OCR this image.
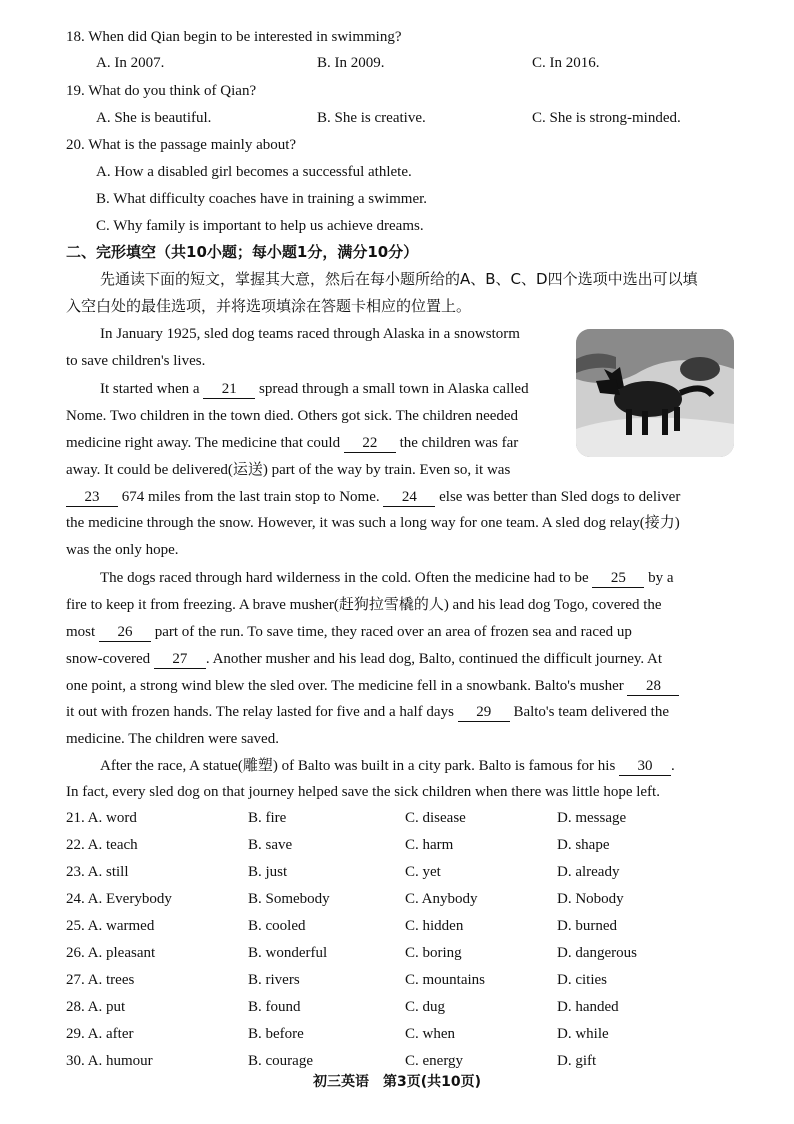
18. When did Qian begin to be interested in swimming?
A. In 2007.	B. In 2009.	C. In 2016.
19. What do you think of Qian?
A. She is beautiful.	B. She is creative.	C. She is strong-minded.
20. What is the passage mainly about?
A. How a disabled girl becomes a successful athlete.
B. What difficulty coaches have in training a swimmer.
C. Why family is important to help us achieve dreams.
二、完形填空（共10小题；每小题1分，满分10分）
先通读下面的短文，掌握其大意，然后在每小题所给的A、B、C、D四个选项中选出可以填
入空白处的最佳选项，并将选项填涂在答题卡相应的位置上。
In January 1925, sled dog teams raced through Alaska in a snowstorm
to save children's lives.
It started when a 21 spread through a small town in Alaska called
Nome. Two children in the town died. Others got sick. The children needed
medicine right away. The medicine that could 22 the children was far
away. It could be delivered(运送) part of the way by train. Even so, it was
23 674 miles from the last train stop to Nome. 24 else was better than Sled dogs to deliver
the medicine through the snow. However, it was such a long way for one team. A sled dog relay(接力)
was the only hope.
The dogs raced through hard wilderness in the cold. Often the medicine had to be 25 by a
fire to keep it from freezing. A brave musher(赶狗拉雪橇的人) and his lead dog Togo, covered the
most 26 part of the run. To save time, they raced over an area of frozen sea and raced up
snow-covered 27 . Another musher and his lead dog, Balto, continued the difficult journey. At
one point, a strong wind blew the sled over. The medicine fell in a snowbank. Balto's musher 28
it out with frozen hands. The relay lasted for five and a half days 29 Balto's team delivered the
medicine. The children were saved.
After the race, A statue(雕塑) of Balto was built in a city park. Balto is famous for his 30 .
In fact, every sled dog on that journey helped save the sick children when there was little hope left.
21. A. word	B. fire	C. disease	D. message
22. A. teach	B. save	C. harm	D. shape
23. A. still	B. just	C. yet	D. already
24. A. Everybody	B. Somebody	C. Anybody	D. Nobody
25. A. warmed	B. cooled	C. hidden	D. burned
26. A. pleasant	B. wonderful	C. boring	D. dangerous
27. A. trees	B. rivers	C. mountains	D. cities
28. A. put	B. found	C. dug	D. handed
29. A. after	B. before	C. when	D. while
30. A. humour	B. courage	C. energy	D. gift
初三英语　第3页(共10页)
